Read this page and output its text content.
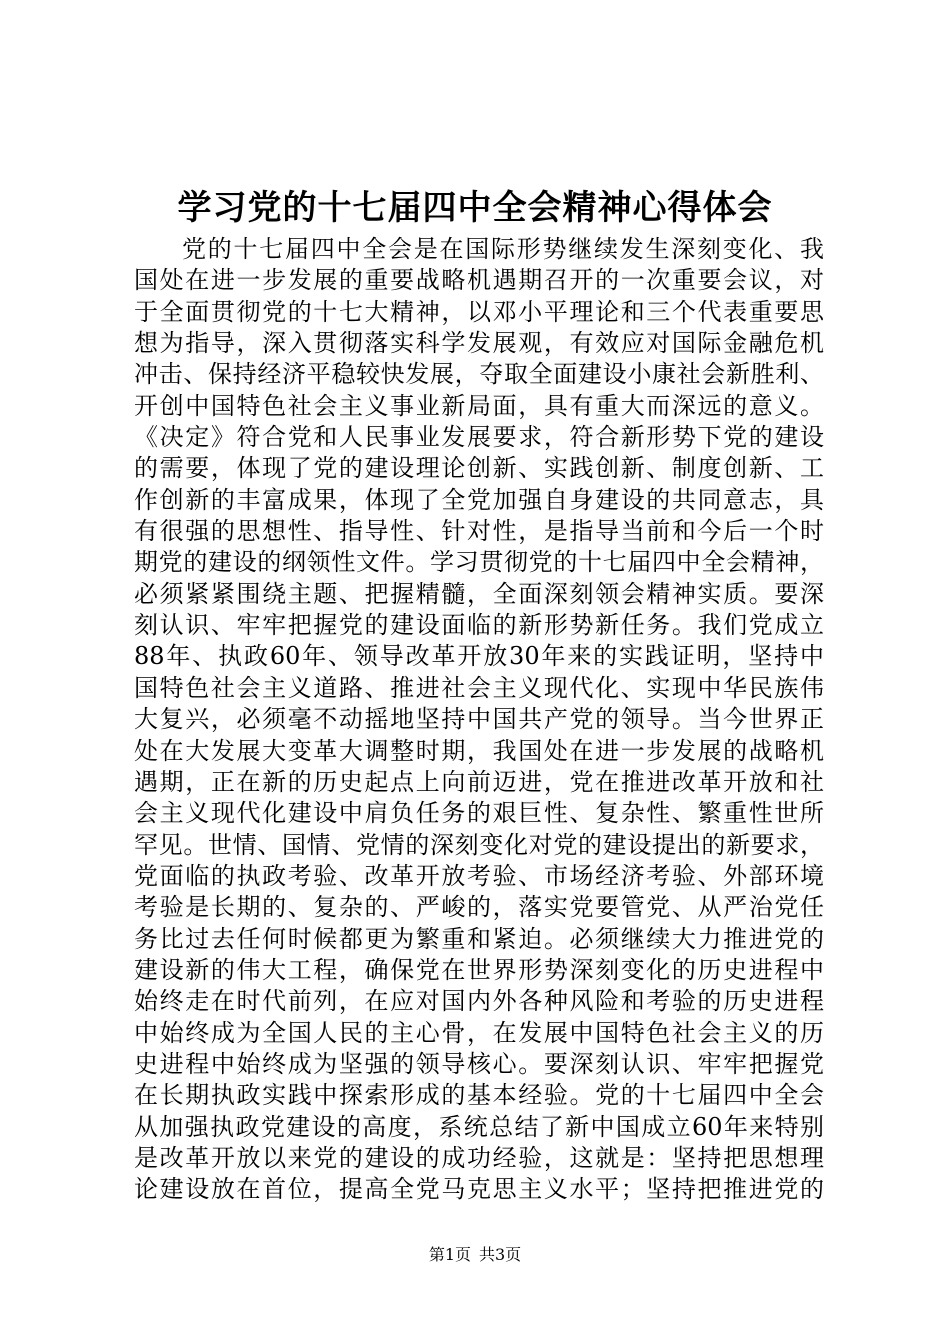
学习党的十七届四中全会精神心得体会
党的十七届四中全会是在国际形势继续发生深刻变化、我
国处在进一步发展的重要战略机遇期召开的一次重要会议，对
于全面贯彻党的十七大精神，以邓小平理论和三个代表重要思
想为指导，深入贯彻落实科学发展观，有效应对国际金融危机
冲击、保持经济平稳较快发展，夺取全面建设小康社会新胜利、
开创中国特色社会主义事业新局面，具有重大而深远的意义。
《决定》符合党和人民事业发展要求，符合新形势下党的建设
的需要，体现了党的建设理论创新、实践创新、制度创新、工
作创新的丰富成果，体现了全党加强自身建设的共同意志，具
有很强的思想性、指导性、针对性，是指导当前和今后一个时
期党的建设的纲领性文件。学习贯彻党的十七届四中全会精神，
必须紧紧围绕主题、把握精髓，全面深刻领会精神实质。要深
刻认识、牢牢把握党的建设面临的新形势新任务。我们党成立
88年、执政60年、领导改革开放30年来的实践证明，坚持中
国特色社会主义道路、推进社会主义现代化、实现中华民族伟
大复兴，必须毫不动摇地坚持中国共产党的领导。当今世界正
处在大发展大变革大调整时期，我国处在进一步发展的战略机
遇期，正在新的历史起点上向前迈进，党在推进改革开放和社
会主义现代化建设中肩负任务的艰巨性、复杂性、繁重性世所
罕见。世情、国情、党情的深刻变化对党的建设提出的新要求，
党面临的执政考验、改革开放考验、市场经济考验、外部环境
考验是长期的、复杂的、严峻的，落实党要管党、从严治党任
务比过去任何时候都更为繁重和紧迫。必须继续大力推进党的
建设新的伟大工程，确保党在世界形势深刻变化的历史进程中
始终走在时代前列，在应对国内外各种风险和考验的历史进程
中始终成为全国人民的主心骨，在发展中国特色社会主义的历
史进程中始终成为坚强的领导核心。要深刻认识、牢牢把握党
在长期执政实践中探索形成的基本经验。党的十七届四中全会
从加强执政党建设的高度，系统总结了新中国成立60年来特别
是改革开放以来党的建设的成功经验，这就是：坚持把思想理
论建设放在首位，提高全党马克思主义水平；坚持把推进党的
第1页 共3页
